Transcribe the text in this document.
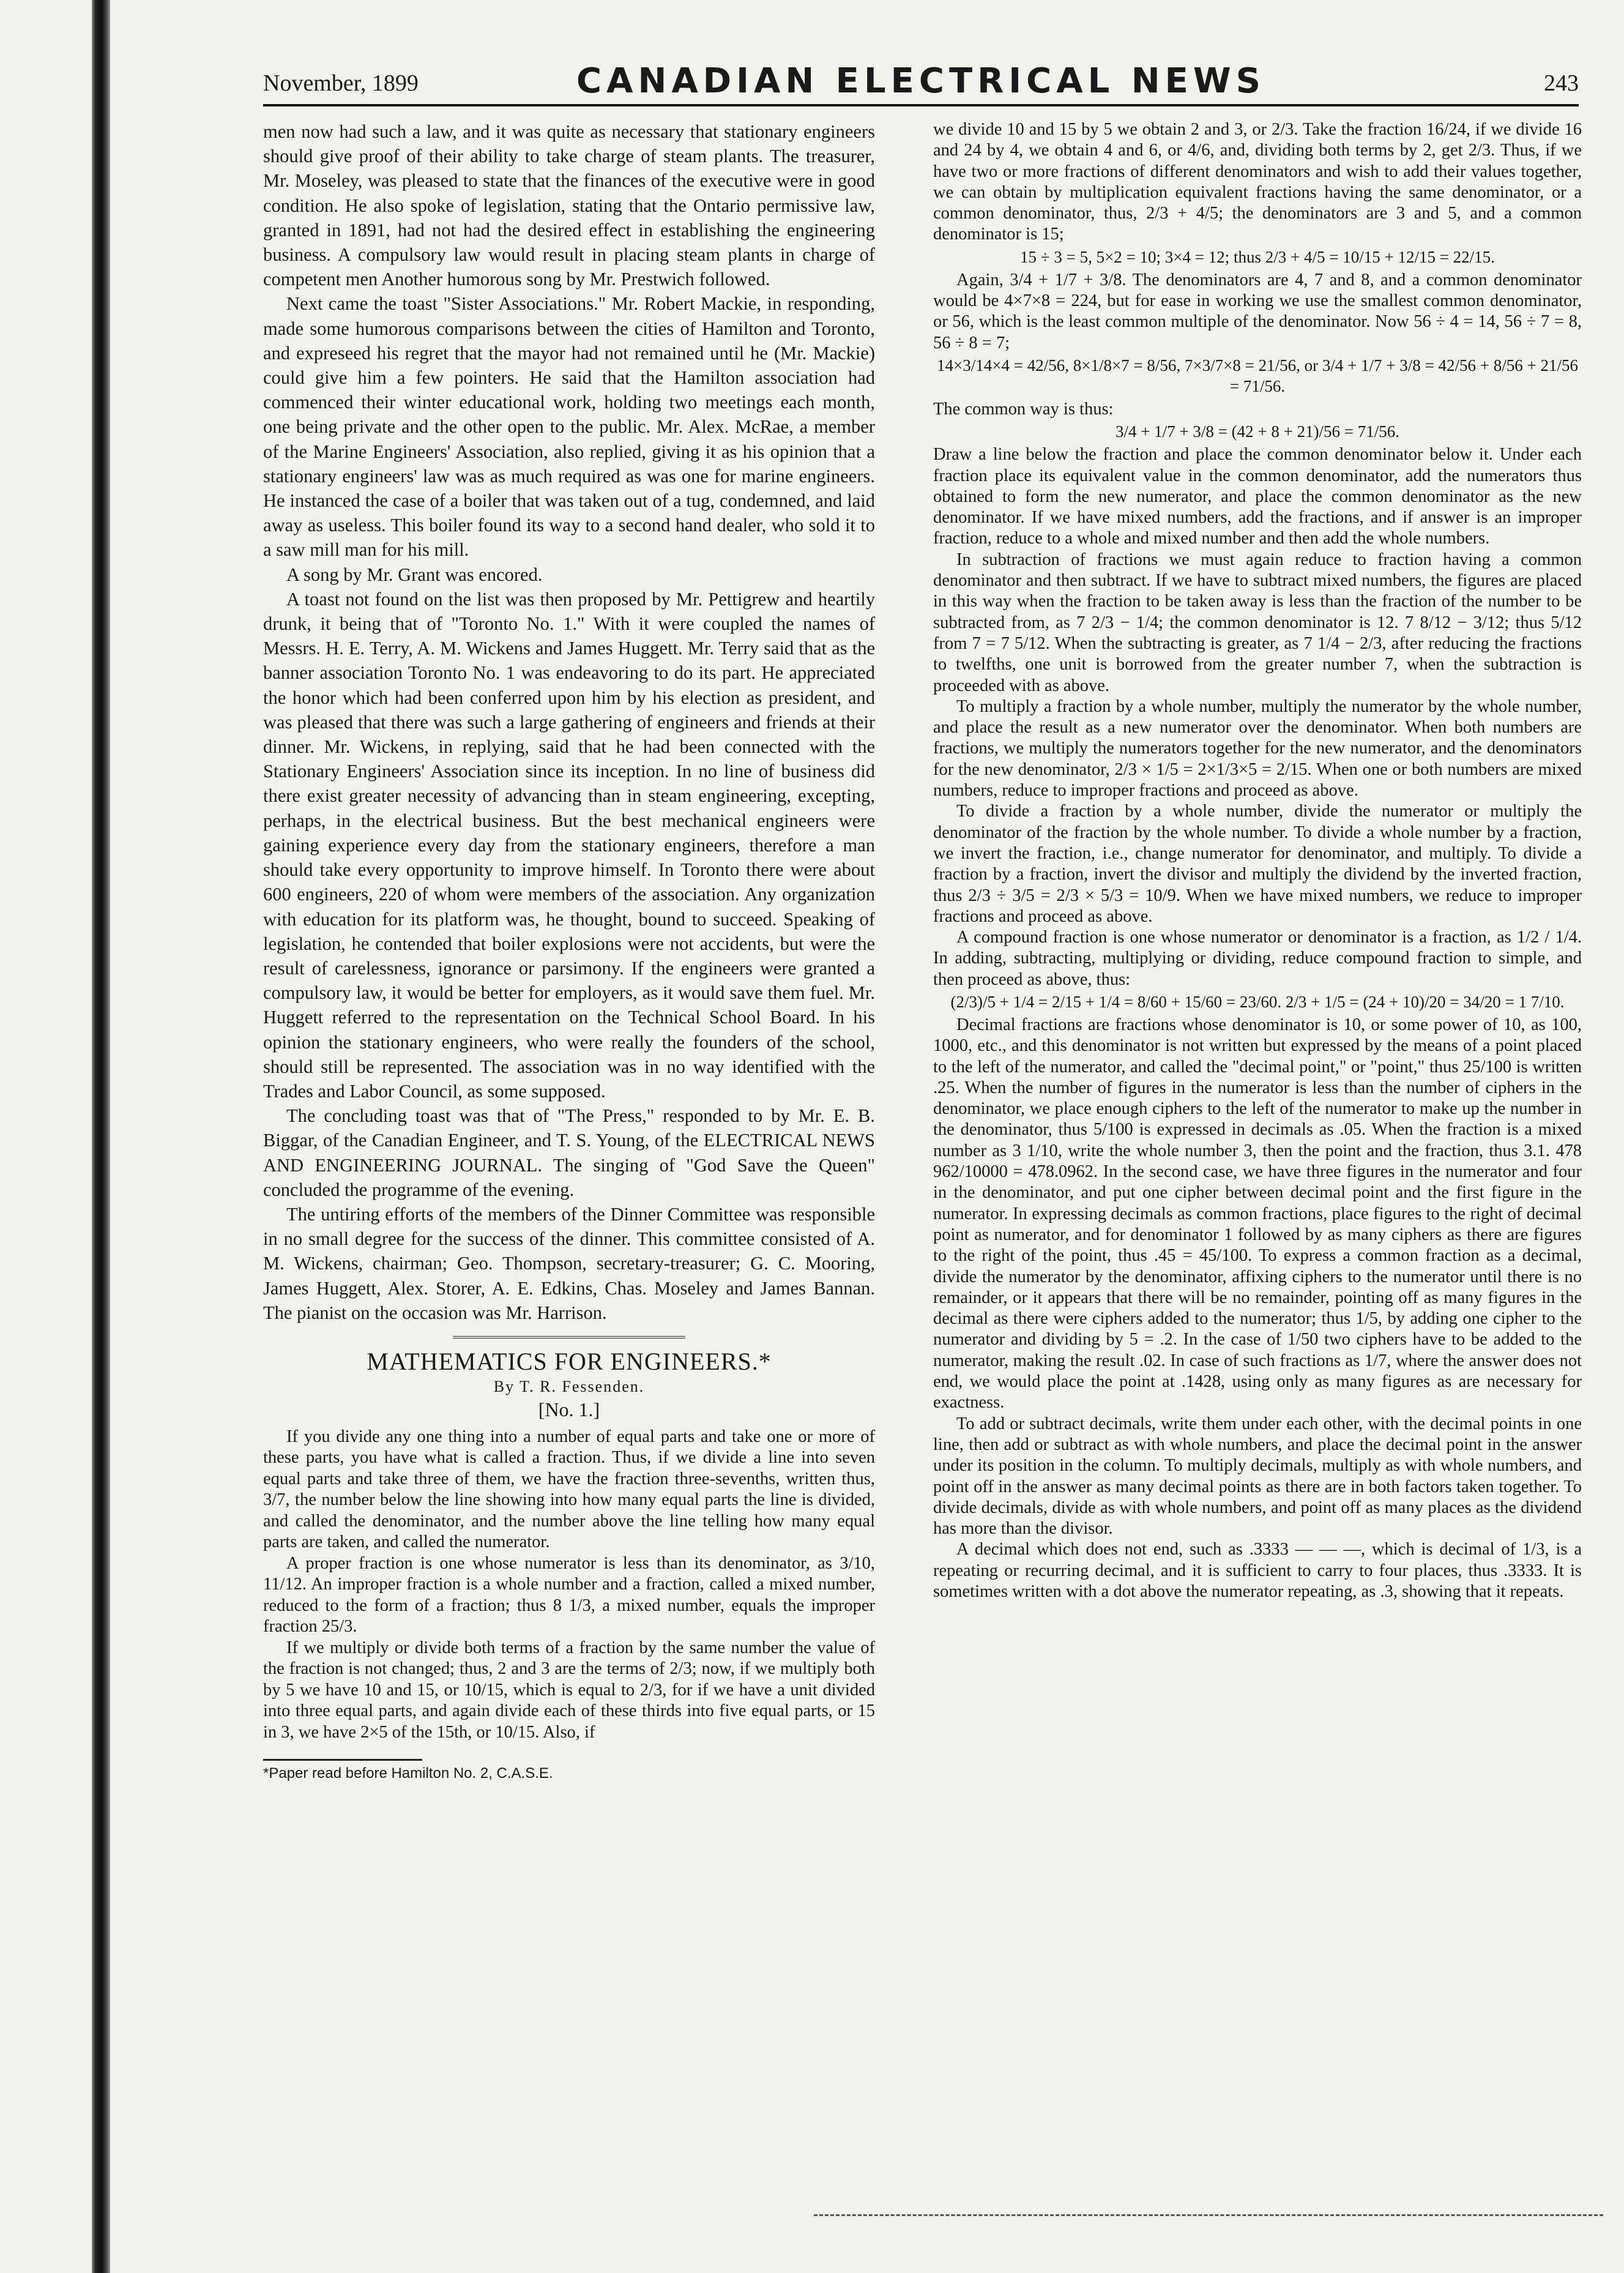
November, 1899	CANADIAN ELECTRICAL NEWS	243

men now had such a law, and it was quite as necessary that stationary engineers should give proof of their ability to take charge of steam plants. The treasurer, Mr. Moseley, was pleased to state that the finances of the executive were in good condition. He also spoke of legislation, stating that the Ontario permissive law, granted in 1891, had not had the desired effect in establishing the engineering business. A compulsory law would result in placing steam plants in charge of competent men Another humorous song by Mr. Prestwich followed.

Next came the toast "Sister Associations." Mr. Robert Mackie, in responding, made some humorous comparisons between the cities of Hamilton and Toronto, and expreseed his regret that the mayor had not remained until he (Mr. Mackie) could give him a few pointers. He said that the Hamilton association had commenced their winter educational work, holding two meetings each month, one being private and the other open to the public. Mr. Alex. McRae, a member of the Marine Engineers' Association, also replied, giving it as his opinion that a stationary engineers' law was as much required as was one for marine engineers. He instanced the case of a boiler that was taken out of a tug, condemned, and laid away as useless. This boiler found its way to a second hand dealer, who sold it to a saw mill man for his mill.

A song by Mr. Grant was encored.

A toast not found on the list was then proposed by Mr. Pettigrew and heartily drunk, it being that of "Toronto No. 1." With it were coupled the names of Messrs. H. E. Terry, A. M. Wickens and James Huggett. Mr. Terry said that as the banner association Toronto No. 1 was endeavoring to do its part. He appreciated the honor which had been conferred upon him by his election as president, and was pleased that there was such a large gathering of engineers and friends at their dinner. Mr. Wickens, in replying, said that he had been connected with the Stationary Engineers' Association since its inception. In no line of business did there exist greater necessity of advancing than in steam engineering, excepting, perhaps, in the electrical business. But the best mechanical engineers were gaining experience every day from the stationary engineers, therefore a man should take every opportunity to improve himself. In Toronto there were about 600 engineers, 220 of whom were members of the association. Any organization with education for its platform was, he thought, bound to succeed. Speaking of legislation, he contended that boiler explosions were not accidents, but were the result of carelessness, ignorance or parsimony. If the engineers were granted a compulsory law, it would be better for employers, as it would save them fuel. Mr. Huggett referred to the representation on the Technical School Board. In his opinion the stationary engineers, who were really the founders of the school, should still be represented. The association was in no way identified with the Trades and Labor Council, as some supposed.

The concluding toast was that of "The Press," responded to by Mr. E. B. Biggar, of the Canadian Engineer, and T. S. Young, of the ELECTRICAL NEWS AND ENGINEERING JOURNAL. The singing of "God Save the Queen" concluded the programme of the evening.

The untiring efforts of the members of the Dinner Committee was responsible in no small degree for the success of the dinner. This committee consisted of A. M. Wickens, chairman; Geo. Thompson, secretary-treasurer; G. C. Mooring, James Huggett, Alex. Storer, A. E. Edkins, Chas. Moseley and James Bannan. The pianist on the occasion was Mr. Harrison.

MATHEMATICS FOR ENGINEERS.*
By T. R. Fessenden.
[No. 1.]

If you divide any one thing into a number of equal parts and take one or more of these parts, you have what is called a fraction. Thus, if we divide a line into seven equal parts and take three of them, we have the fraction three-sevenths, written thus, 3/7, the number below the line showing into how many equal parts the line is divided, and called the denominator, and the number above the line telling how many equal parts are taken, and called the numerator.

A proper fraction is one whose numerator is less than its denominator, as 3/10, 11/12. An improper fraction is a whole number and a fraction, called a mixed number, reduced to the form of a fraction; thus 8 1/3, a mixed number, equals the improper fraction 25/3.

If we multiply or divide both terms of a fraction by the same number the value of the fraction is not changed; thus, 2 and 3 are the terms of 2/3; now, if we multiply both by 5 we have 10 and 15, or 10/15, which is equal to 2/3, for if we have a unit divided into three equal parts, and again divide each of these thirds into five equal parts, or 15 in 3, we have 2×5 of the 15th, or 10/15. Also, if

*Paper read before Hamilton No. 2, C.A.S.E.

we divide 10 and 15 by 5 we obtain 2 and 3, or 2/3. Take the fraction 16/24, if we divide 16 and 24 by 4, we obtain 4 and 6, or 4/6, and, dividing both terms by 2, get 2/3. Thus, if we have two or more fractions of different denominators and wish to add their values together, we can obtain by multiplication equivalent fractions having the same denominator, or a common denominator, thus, 2/3 + 4/5; the denominators are 3 and 5, and a common denominator is 15;

15 ÷ 3 = 5, 5×2 = 10; 3×4 = 12; thus 2/3 + 4/5 = 10/15 + 12/15 = 22/15.

Again, 3/4 + 1/7 + 3/8. The denominators are 4, 7 and 8, and a common denominator would be 4×7×8 = 224, but for ease in working we use the smallest common denominator, or 56, which is the least common multiple of the denominator. Now 56 ÷ 4 = 14, 56 ÷ 7 = 8, 56 ÷ 8 = 7;

14×3/14×4 = 42/56, 8×1/8×7 = 8/56, 7×3/7×8 = 21/56, or 3/4 + 1/7 + 3/8 = 42/56 + 8/56 + 21/56 = 71/56.

The common way is thus:

3/4 + 1/7 + 3/8 = (42 + 8 + 21)/56 = 71/56.

Draw a line below the fraction and place the common denominator below it. Under each fraction place its equivalent value in the common denominator, add the numerators thus obtained to form the new numerator, and place the common denominator as the new denominator. If we have mixed numbers, add the fractions, and if answer is an improper fraction, reduce to a whole and mixed number and then add the whole numbers.

In subtraction of fractions we must again reduce to fraction having a common denominator and then subtract. If we have to subtract mixed numbers, the figures are placed in this way when the fraction to be taken away is less than the fraction of the number to be subtracted from, as 7 2/3 − 1/4; the common denominator is 12. 7 8/12 − 3/12; thus 5/12 from 7 = 7 5/12. When the subtracting is greater, as 7 1/4 − 2/3, after reducing the fractions to twelfths, one unit is borrowed from the greater number 7, when the subtraction is proceeded with as above.

To multiply a fraction by a whole number, multiply the numerator by the whole number, and place the result as a new numerator over the denominator. When both numbers are fractions, we multiply the numerators together for the new numerator, and the denominators for the new denominator, 2/3 × 1/5 = 2×1/3×5 = 2/15. When one or both numbers are mixed numbers, reduce to improper fractions and proceed as above.

To divide a fraction by a whole number, divide the numerator or multiply the denominator of the fraction by the whole number. To divide a whole number by a fraction, we invert the fraction, i.e., change numerator for denominator, and multiply. To divide a fraction by a fraction, invert the divisor and multiply the dividend by the inverted fraction, thus 2/3 ÷ 3/5 = 2/3 × 5/3 = 10/9. When we have mixed numbers, we reduce to improper fractions and proceed as above.

A compound fraction is one whose numerator or denominator is a fraction, as 1/2 / 1/4. In adding, subtracting, multiplying or dividing, reduce compound fraction to simple, and then proceed as above, thus:

(2/3)/5 + 1/4 = 2/15 + 1/4 = 8/60 + 15/60 = 23/60. 2/3 + 1/5 = (24 + 10)/20 = 34/20 = 1 7/10.

Decimal fractions are fractions whose denominator is 10, or some power of 10, as 100, 1000, etc., and this denominator is not written but expressed by the means of a point placed to the left of the numerator, and called the "decimal point," or "point," thus 25/100 is written .25. When the number of figures in the numerator is less than the number of ciphers in the denominator, we place enough ciphers to the left of the numerator to make up the number in the denominator, thus 5/100 is expressed in decimals as .05. When the fraction is a mixed number as 3 1/10, write the whole number 3, then the point and the fraction, thus 3.1. 478 962/10000 = 478.0962. In the second case, we have three figures in the numerator and four in the denominator, and put one cipher between decimal point and the first figure in the numerator. In expressing decimals as common fractions, place figures to the right of decimal point as numerator, and for denominator 1 followed by as many ciphers as there are figures to the right of the point, thus .45 = 45/100. To express a common fraction as a decimal, divide the numerator by the denominator, affixing ciphers to the numerator until there is no remainder, or it appears that there will be no remainder, pointing off as many figures in the decimal as there were ciphers added to the numerator; thus 1/5, by adding one cipher to the numerator and dividing by 5 = .2. In the case of 1/50 two ciphers have to be added to the numerator, making the result .02. In case of such fractions as 1/7, where the answer does not end, we would place the point at .1428, using only as many figures as are necessary for exactness.

To add or subtract decimals, write them under each other, with the decimal points in one line, then add or subtract as with whole numbers, and place the decimal point in the answer under its position in the column. To multiply decimals, multiply as with whole numbers, and point off in the answer as many decimal points as there are in both factors taken together. To divide decimals, divide as with whole numbers, and point off as many places as the dividend has more than the divisor.

A decimal which does not end, such as .3333 — — —, which is decimal of 1/3, is a repeating or recurring decimal, and it is sufficient to carry to four places, thus .3333. It is sometimes written with a dot above the numerator repeating, as .3, showing that it repeats.
